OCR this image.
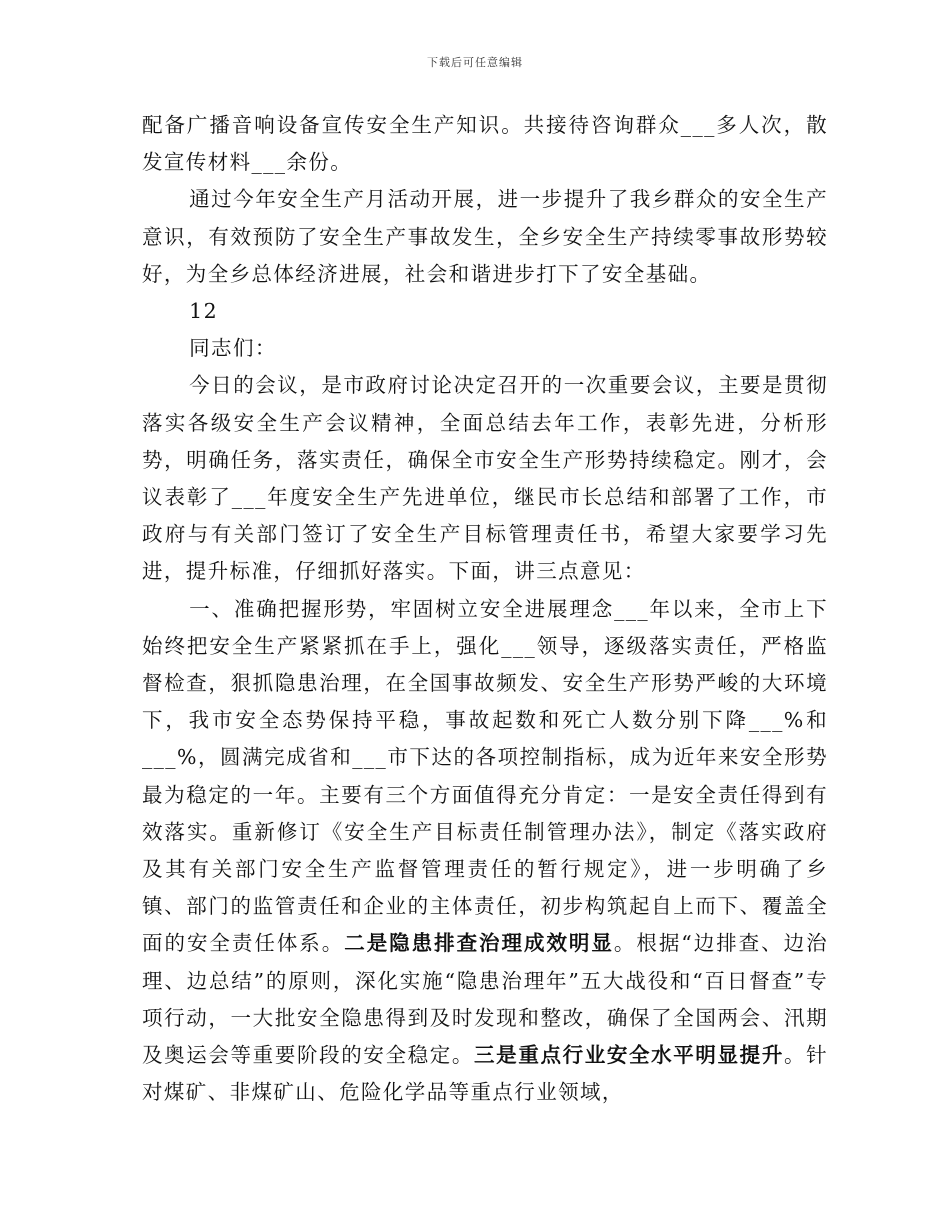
下载后可任意编辑

配备广播音响设备宣传安全生产知识。共接待咨询群众___多人次，散发宣传材料___余份。

通过今年安全生产月活动开展，进一步提升了我乡群众的安全生产意识，有效预防了安全生产事故发生，全乡安全生产持续零事故形势较好，为全乡总体经济进展，社会和谐进步打下了安全基础。

12

同志们：

今日的会议，是市政府讨论决定召开的一次重要会议，主要是贯彻落实各级安全生产会议精神，全面总结去年工作，表彰先进，分析形势，明确任务，落实责任，确保全市安全生产形势持续稳定。刚才，会议表彰了___年度安全生产先进单位，继民市长总结和部署了工作，市政府与有关部门签订了安全生产目标管理责任书，希望大家要学习先进，提升标准，仔细抓好落实。下面，讲三点意见：

一、准确把握形势，牢固树立安全进展理念___年以来，全市上下始终把安全生产紧紧抓在手上，强化___领导，逐级落实责任，严格监督检查，狠抓隐患治理，在全国事故频发、安全生产形势严峻的大环境下，我市安全态势保持平稳，事故起数和死亡人数分别下降___%和___%，圆满完成省和___市下达的各项控制指标，成为近年来安全形势最为稳定的一年。主要有三个方面值得充分肯定：一是安全责任得到有效落实。重新修订《安全生产目标责任制管理办法》，制定《落实政府及其有关部门安全生产监督管理责任的暂行规定》，进一步明确了乡镇、部门的监管责任和企业的主体责任，初步构筑起自上而下、覆盖全面的安全责任体系。二是隐患排查治理成效明显。根据“边排查、边治理、边总结”的原则，深化实施“隐患治理年”五大战役和“百日督查”专项行动，一大批安全隐患得到及时发现和整改，确保了全国两会、汛期及奥运会等重要阶段的安全稳定。三是重点行业安全水平明显提升。针对煤矿、非煤矿山、危险化学品等重点行业领域，
